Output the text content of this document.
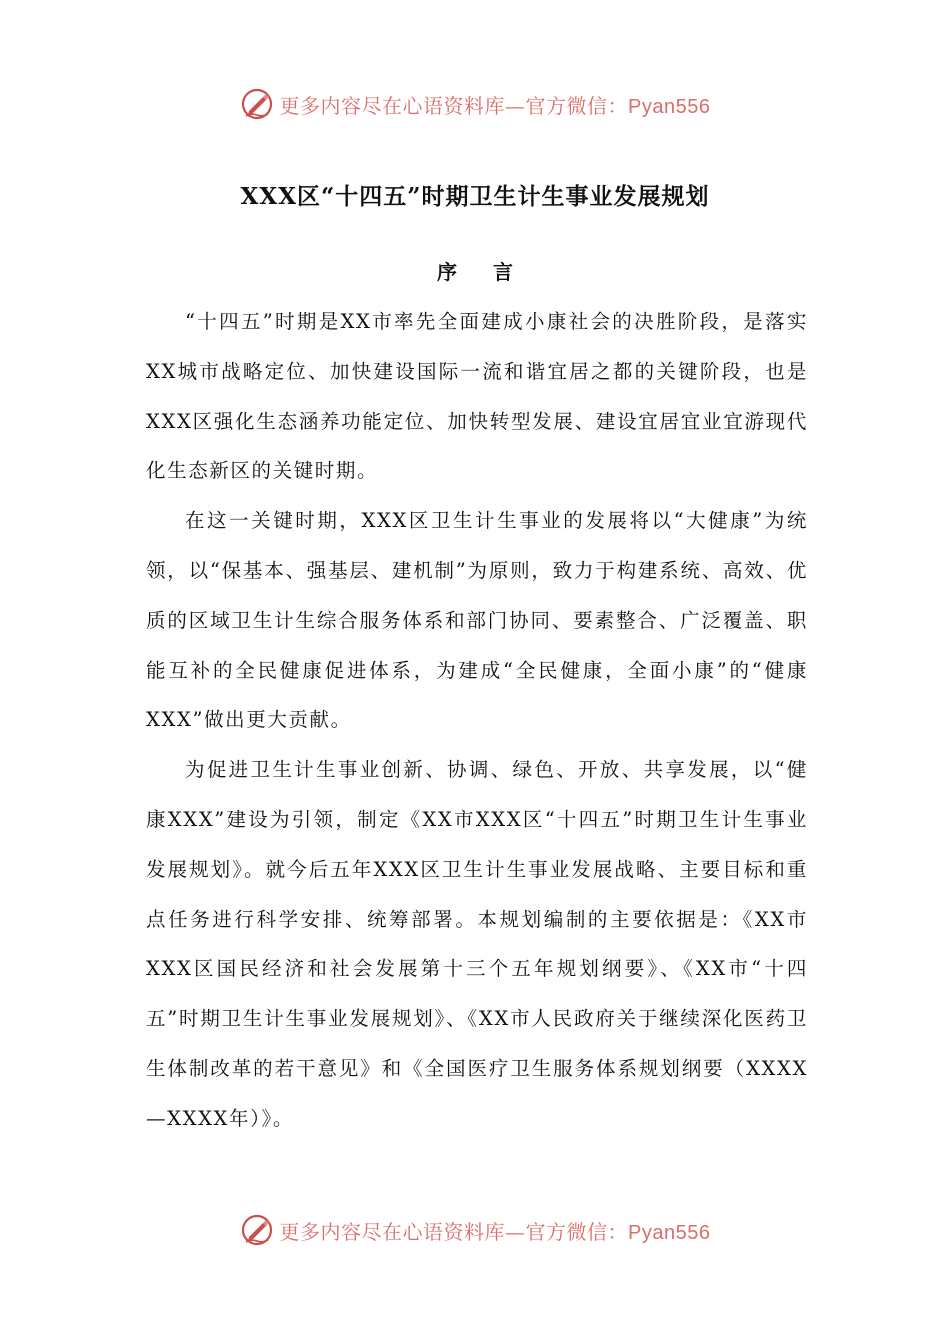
更多内容尽在心语资料库—官方微信：Pyan556
XXX区“十四五”时期卫生计生事业发展规划
序言

“十四五”时期是XX市率先全面建成小康社会的决胜阶段，是落实XX城市战略定位、加快建设国际一流和谐宜居之都的关键阶段，也是XXX区强化生态涵养功能定位、加快转型发展、建设宜居宜业宜游现代化生态新区的关键时期。

在这一关键时期，XXX区卫生计生事业的发展将以“大健康”为统领，以“保基本、强基层、建机制”为原则，致力于构建系统、高效、优质的区域卫生计生综合服务体系和部门协同、要素整合、广泛覆盖、职能互补的全民健康促进体系，为建成“全民健康，全面小康”的“健康XXX”做出更大贡献。

为促进卫生计生事业创新、协调、绿色、开放、共享发展，以“健康XXX”建设为引领，制定《XX市XXX区“十四五”时期卫生计生事业发展规划》。就今后五年XXX区卫生计生事业发展战略、主要目标和重点任务进行科学安排、统筹部署。本规划编制的主要依据是：《XX市XXX区国民经济和社会发展第十三个五年规划纲要》、《XX市“十四五”时期卫生计生事业发展规划》、《XX市人民政府关于继续深化医药卫生体制改革的若干意见》和《全国医疗卫生服务体系规划纲要（XXXX—XXXX年）》。

更多内容尽在心语资料库—官方微信：Pyan556
